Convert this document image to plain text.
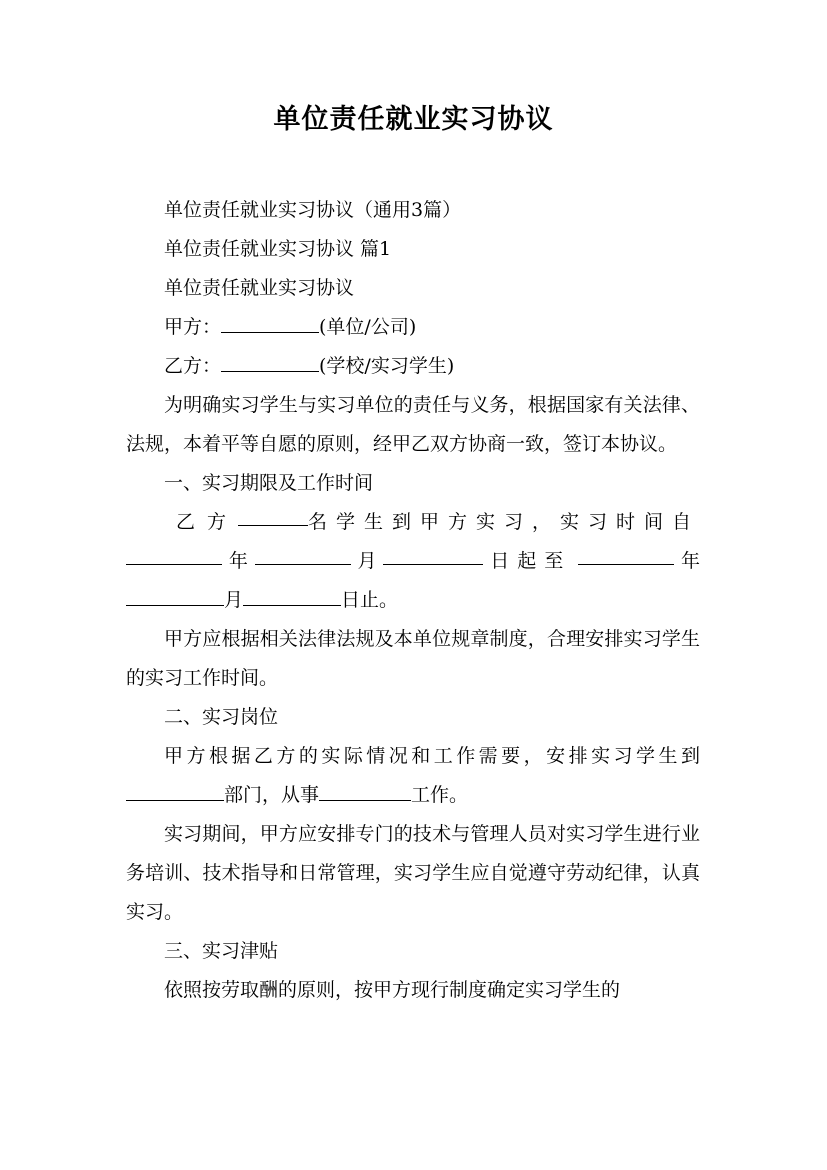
单位责任就业实习协议

单位责任就业实习协议（通用3篇）

单位责任就业实习协议 篇1

单位责任就业实习协议

甲方：	(单位/公司)

乙方：	(学校/实习学生)

为明确实习学生与实习单位的责任与义务，根据国家有关法律、法规，本着平等自愿的原则，经甲乙双方协商一致，签订本协议。

一、实习期限及工作时间

乙方	名学生到甲方实习，实习时间自
年	月	日起至	年
月	日止。

甲方应根据相关法律法规及本单位规章制度，合理安排实习学生的实习工作时间。

二、实习岗位

甲方根据乙方的实际情况和工作需要，安排实习学生到部门，从事	工作。

实习期间，甲方应安排专门的技术与管理人员对实习学生进行业务培训、技术指导和日常管理，实习学生应自觉遵守劳动纪律，认真实习。

三、实习津贴

依照按劳取酬的原则，按甲方现行制度确定实习学生的
